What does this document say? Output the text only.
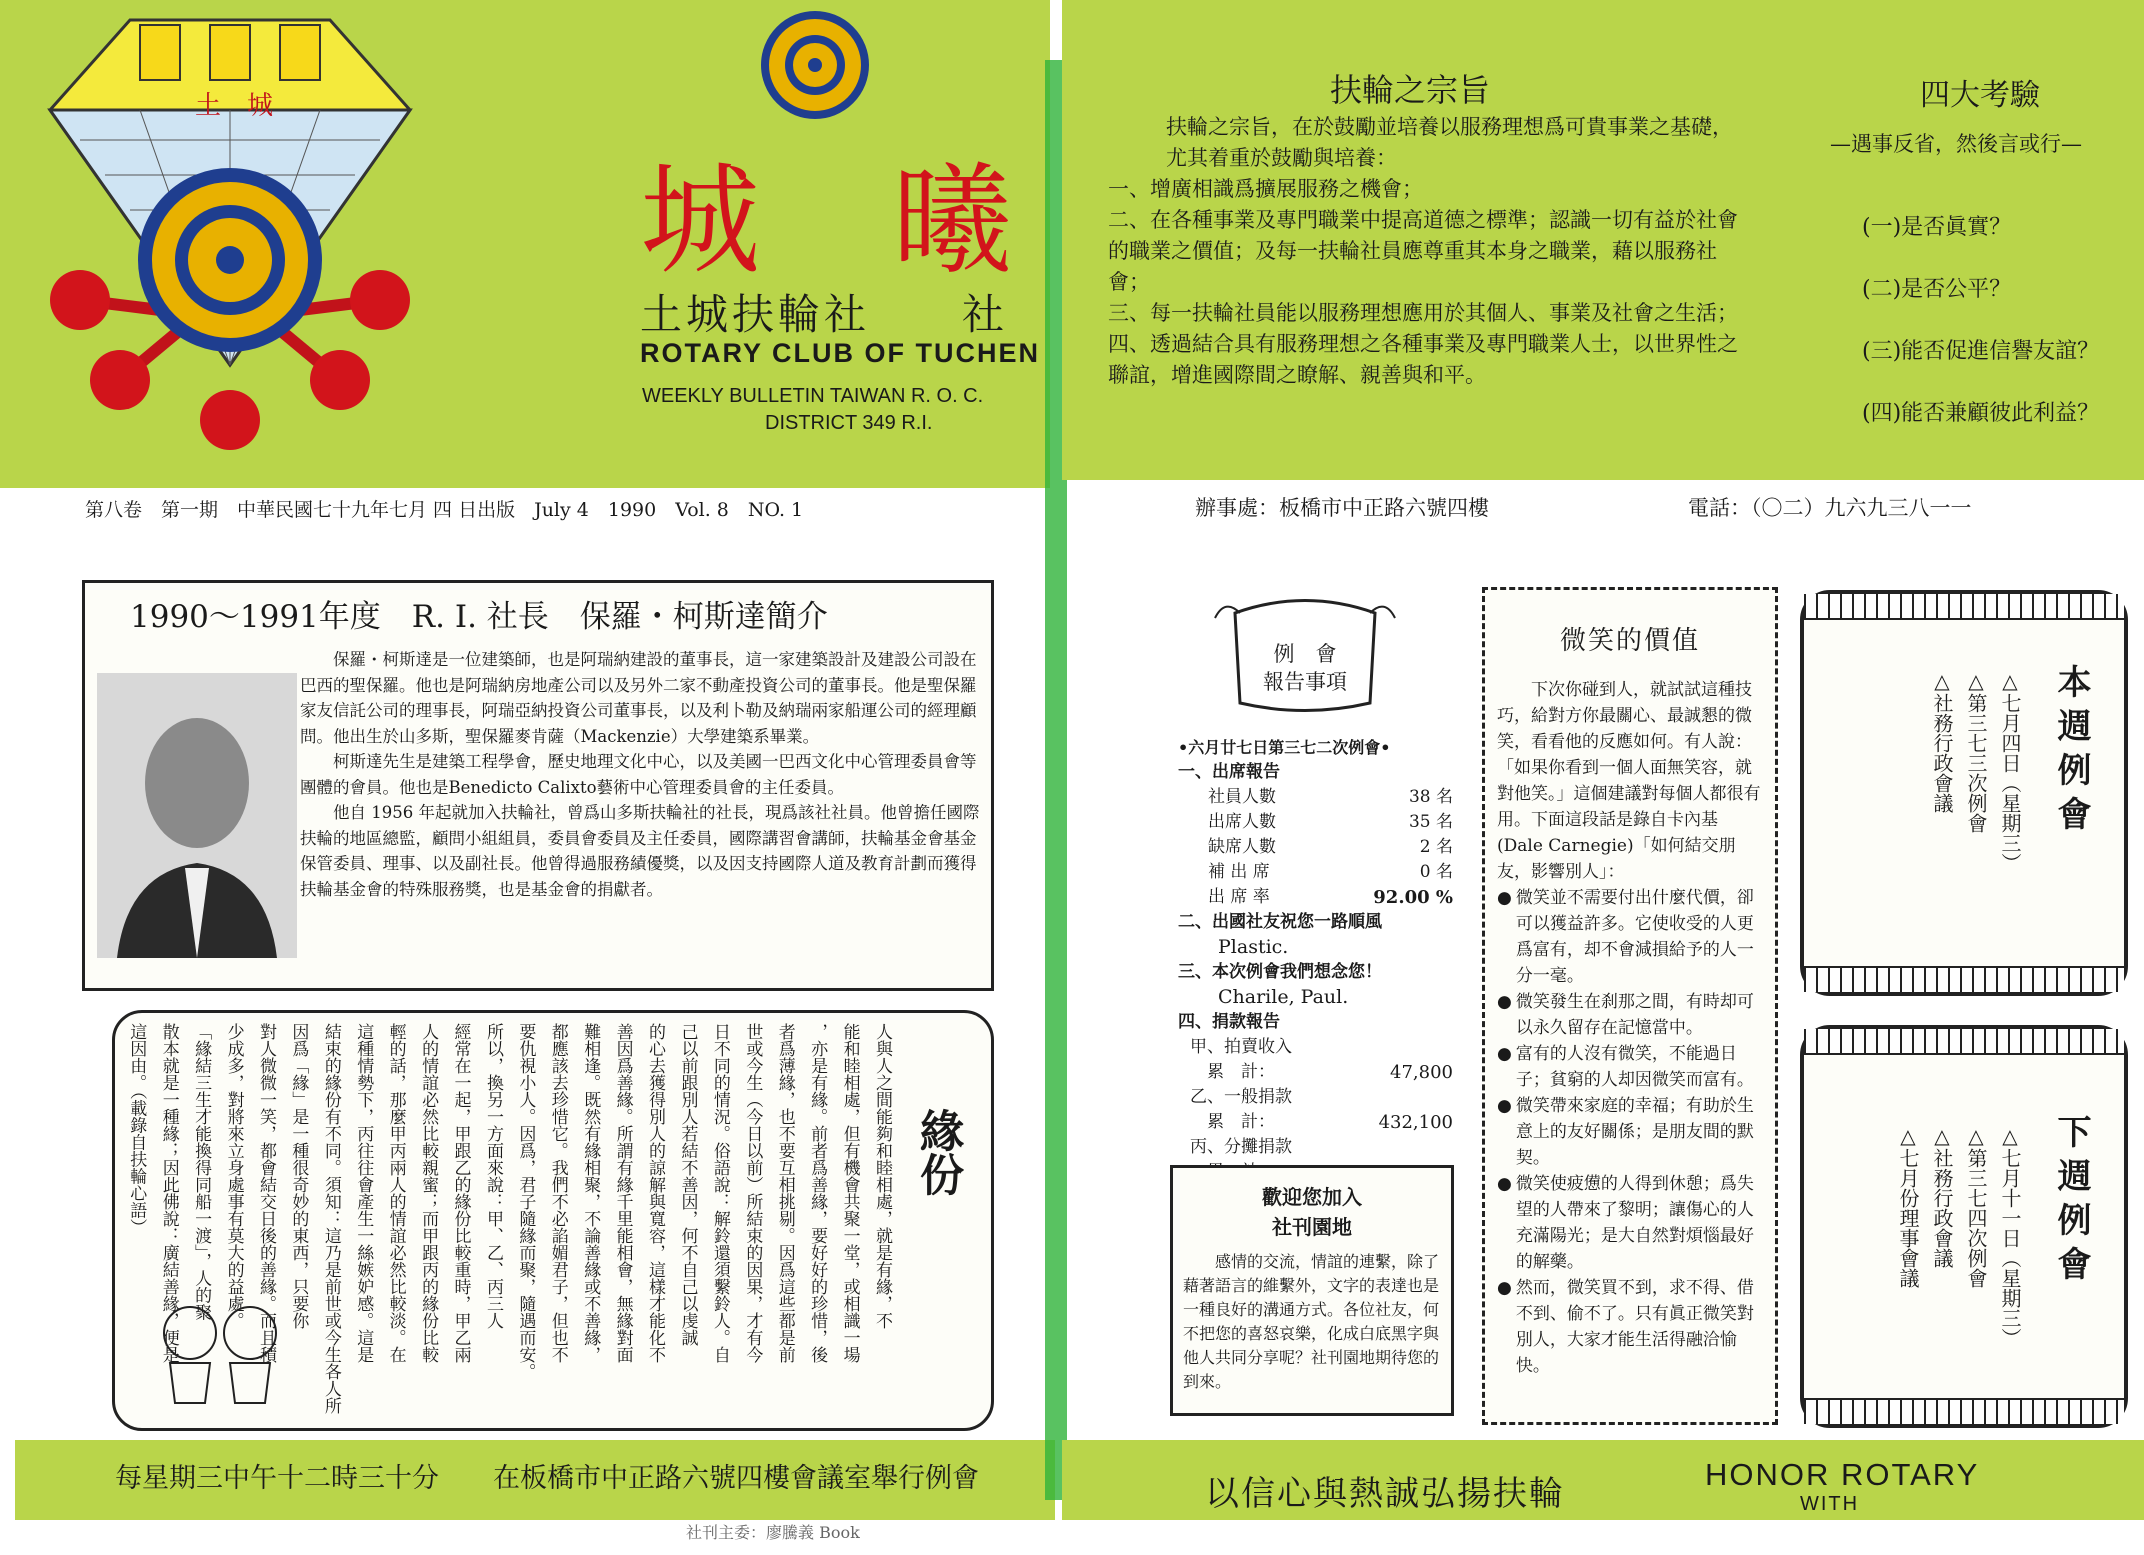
土　城
城　曦
土城扶輪社　　社
ROTARY CLUB OF TUCHEN
WEEKLY BULLETIN TAIWAN R. O. C.
DISTRICT 349 R.I.
第八卷　第一期　中華民國七十九年七月 四 日出版　July 4　1990　Vol. 8　NO. 1
1990～1991年度　R. I. 社長　保羅・柯斯達簡介
保羅・柯斯達是一位建築師，也是阿瑞納建設的董事長，這一家建築設計及建設公司設在巴西的聖保羅。他也是阿瑞納房地產公司以及另外二家不動產投資公司的董事長。他是聖保羅家友信託公司的理事長，阿瑞亞納投資公司董事長，以及利卜勒及納瑞兩家船運公司的經理顧問。他出生於山多斯，聖保羅麥肯薩（Mackenzie）大學建築系畢業。
柯斯達先生是建築工程學會，歷史地理文化中心，以及美國一巴西文化中心管理委員會等團體的會員。他也是Benedicto Calixto藝術中心管理委員會的主任委員。
他自 1956 年起就加入扶輪社，曾爲山多斯扶輪社的社長，現爲該社社員。他曾擔任國際扶輪的地區總監，顧問小組組員，委員會委員及主任委員，國際講習會講師，扶輪基金會基金保管委員、理事、以及副社長。他曾得過服務績優獎，以及因支持國際人道及教育計劃而獲得扶輪基金會的特殊服務獎，也是基金會的捐獻者。
緣份
人與人之間能夠和睦相處，就是有緣，不
能和睦相處，但有機會共聚一堂，或相識一場
，亦是有緣。前者爲善緣，要好好的珍惜，後
者爲薄緣，也不要互相挑剔。因爲這些都是前
世或今生（今日以前）所結束的因果，才有今
日不同的情況。俗語說：解鈴還須繫鈴人。自
己以前跟別人若結不善因，何不自己以虔誠
的心去獲得別人的諒解與寬容，這樣才能化不
善因爲善緣。所謂有緣千里能相會，無緣對面
難相逢。既然有緣相聚，不論善緣或不善緣，
都應該去珍惜它。我們不必諂媚君子，但也不
要仇視小人。因爲，君子隨緣而聚，隨遇而安。
所以，換另一方面來說：甲、乙、丙三人
經常在一起，甲跟乙的緣份比較重時，甲乙兩
人的情誼必然比較親蜜；而甲跟丙的緣份比較
輕的話，那麼甲丙兩人的情誼必然比較淡。在
這種情勢下，丙往往會產生一絲嫉妒感。這是
結束的緣份有不同。須知：這乃是前世或今生各人所
因爲「緣」是一種很奇妙的東西，只要你
對人微微一笑，都會結交日後的善緣。而且積
少成多，對將來立身處事有莫大的益處。
「緣結三生才能換得同船一渡」，人的聚
散本就是一種緣；因此佛說：廣結善緣，便是
這因由。（載錄自扶輪心語）
每星期三中午十二時三十分　　在板橋市中正路六號四樓會議室舉行例會
　　　　　　社刊主委：廖騰義 Book
扶輪之宗旨
扶輪之宗旨，在於鼓勵並培養以服務理想爲可貴事業之基礎，尤其着重於鼓勵與培養：
一、增廣相識爲擴展服務之機會；
二、在各種事業及專門職業中提高道德之標準；認識一切有益於社會的職業之價值；及每一扶輪社員應尊重其本身之職業，藉以服務社會；
三、每一扶輪社員能以服務理想應用於其個人、事業及社會之生活；
四、透過結合具有服務理想之各種事業及專門職業人士，以世界性之聯誼，增進國際間之瞭解、親善與和平。
四大考驗
—遇事反省，然後言或行—
(一)是否眞實？
(二)是否公平？
(三)能否促進信譽友誼？
(四)能否兼顧彼此利益？
辦事處：板橋市中正路六號四樓	電話：（〇二）九六九三八一一
例　會
報告事項
•六月廿七日第三七二次例會•
一、出席報告
社員人數	38 名
出席人數	35 名
缺席人數	2 名
補 出 席	0 名
出 席 率	92.00 %
二、出國社友祝您一路順風
Plastic.
三、本次例會我們想念您！
Charile, Paul.
四、捐款報告
甲、拍賣收入
　累　計：	47,800
乙、一般捐款
　累　計：	432,100
丙、分攤捐款
歡迎您加入
社刊園地
感情的交流，情誼的連繫，除了藉著語言的維繫外，文字的表達也是一種良好的溝通方式。各位社友，何不把您的喜怒哀樂，化成白底黑字與他人共同分享呢？社刊園地期待您的到來。
微笑的價值
下次你碰到人，就試試這種技巧，給對方你最關心、最誠懇的微笑，看看他的反應如何。有人說：「如果你看到一個人面無笑容，就對他笑。」這個建議對每個人都很有用。下面這段話是錄自卡內基(Dale Carnegie)「如何結交朋友，影響別人」：
● 微笑並不需要付出什麼代價，卻可以獲益許多。它使收受的人更爲富有，却不會減損給予的人一分一毫。
● 微笑發生在刹那之間，有時却可以永久留存在記憶當中。
● 富有的人沒有微笑，不能過日子；貧窮的人却因微笑而富有。
● 微笑帶來家庭的幸福；有助於生意上的友好關係；是朋友間的默契。
● 微笑使疲憊的人得到休憩；爲失望的人帶來了黎明；讓傷心的人充滿陽光；是大自然對煩惱最好的解藥。
● 然而，微笑買不到，求不得、借不到、偷不了。只有眞正微笑對別人，大家才能生活得融洽愉快。
本週例會
△七月四日（星期三）
△第三七三次例會
△社務行政會議
下週例會
△七月十一日（星期三）
△第三七四次例會
△社務行政會議
△七月份理事會議
以信心與熱誠弘揚扶輪	HONOR ROTARY
WITH
